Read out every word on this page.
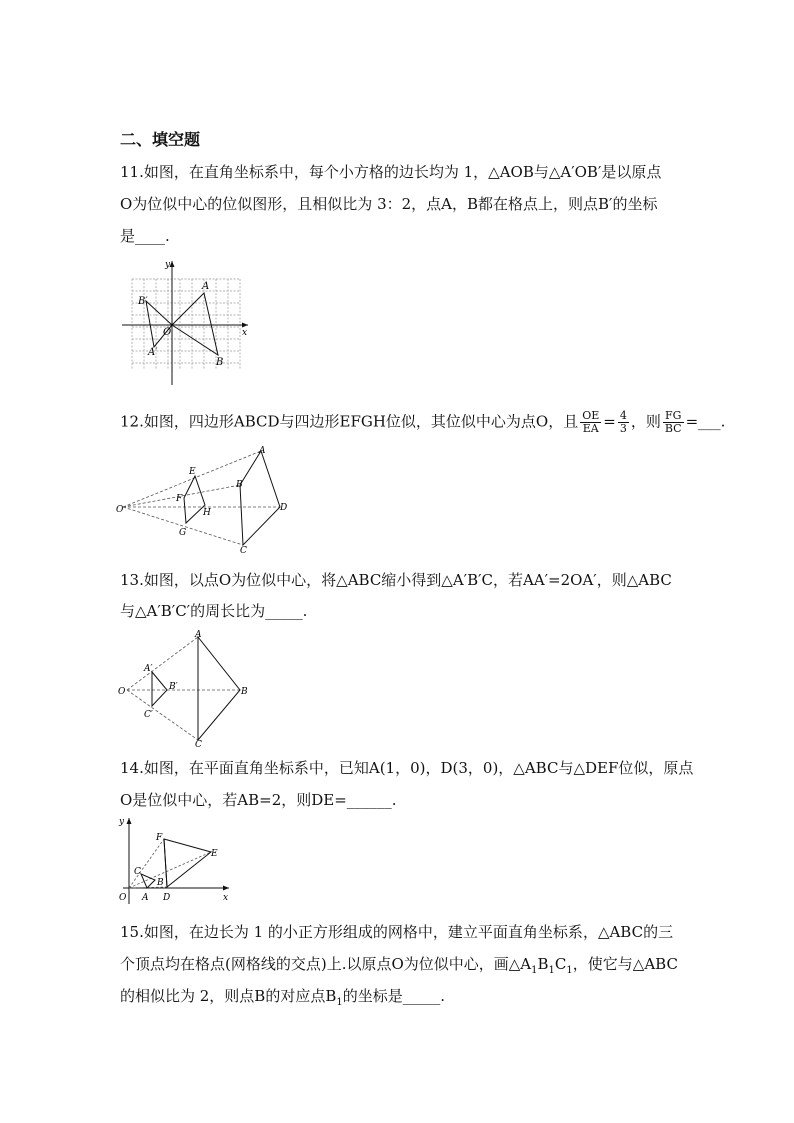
二、填空题
11.如图，在直角坐标系中，每个小方格的边长均为 1，△AOB与△A′OB′是以原点
O为位似中心的位似图形，且相似比为 3：2，点A，B都在格点上，则点B′的坐标
是____.
y
x
O
A
B
A′
B′
12.如图，四边形ABCD与四边形EFGH位似，其位似中心为点O，且 $\frac{OE}{EA} = \frac{4}{3}$ ，则 $\frac{FG}{BC}$ =___.
O
A
B
C
D
E
F
G
H
13.如图，以点O为位似中心，将△ABC缩小得到△A′B′C，若AA′=2OA′，则△ABC
与△A′B′C′的周长比为_____.
O
A
B
C
A′
B′
C′
14.如图，在平面直角坐标系中，已知A(1，0)，D(3，0)，△ABC与△DEF位似，原点
O是位似中心，若AB=2，则DE=______.
y
x
O A
B
C
D
E
F
15.如图，在边长为 1 的小正方形组成的网格中，建立平面直角坐标系，△ABC的三
个顶点均在格点(网格线的交点)上.以原点O为位似中心，画$\triangle A_1B_1C_1$，使它与△ABC
的相似比为 2，则点B的对应点$B_1$的坐标是_____.
